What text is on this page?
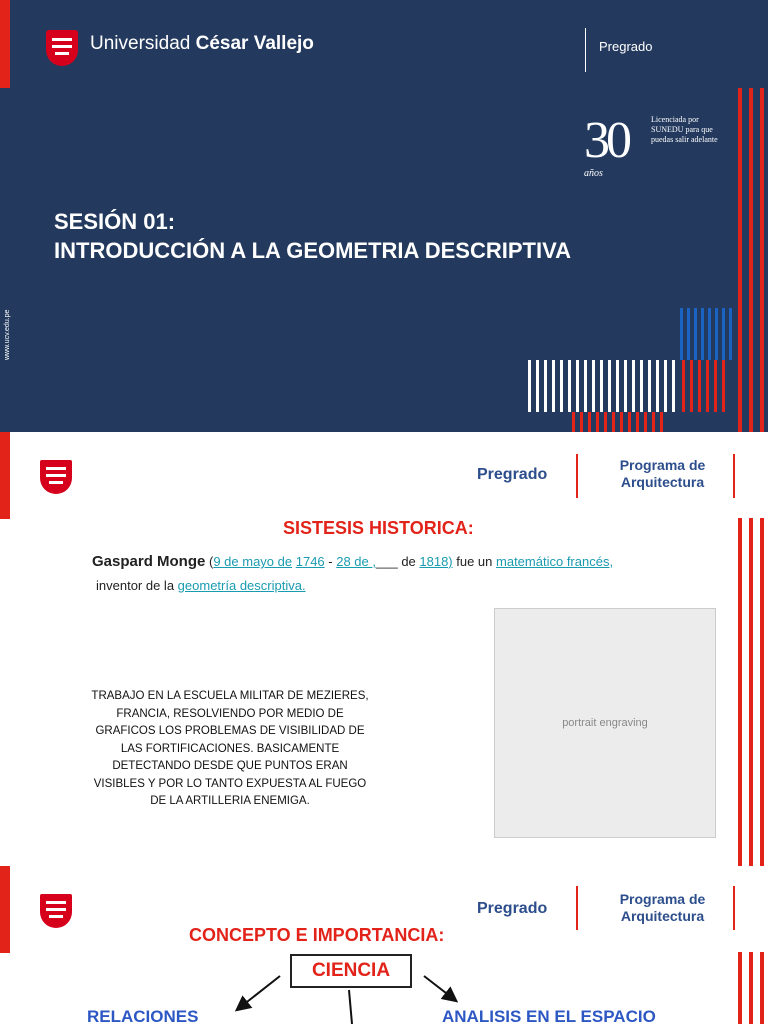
Universidad César Vallejo	Pregrado
30
años
Licenciada por SUNEDU para que puedas salir adelante
SESIÓN 01:
INTRODUCCIÓN A LA GEOMETRIA DESCRIPTIVA
www.ucv.edu.pe
Pregrado
Programa de Arquitectura
SISTESIS HISTORICA:
Gaspard Monge (9 de mayo de 1746 - 28 de ,___ de 1818) fue un matemático francés,
inventor de la geometría descriptiva.
TRABAJO EN LA ESCUELA MILITAR DE MEZIERES, FRANCIA, RESOLVIENDO POR MEDIO DE GRAFICOS LOS PROBLEMAS DE VISIBILIDAD DE LAS FORTIFICACIONES. BASICAMENTE DETECTANDO DESDE QUE PUNTOS ERAN VISIBLES Y POR LO TANTO EXPUESTA AL FUEGO DE LA ARTILLERIA ENEMIGA.
portrait engraving
Pregrado
Programa de Arquitectura
CONCEPTO E IMPORTANCIA:
CIENCIA
RELACIONES	ANALISIS EN EL ESPACIO
